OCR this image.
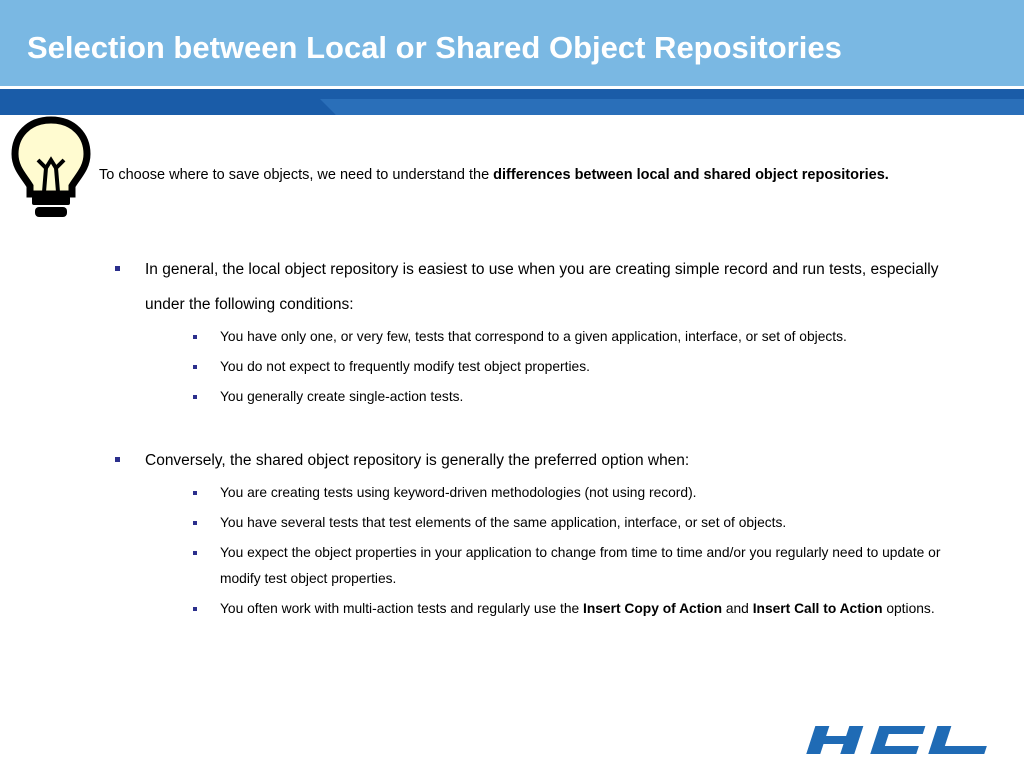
Selection between Local or Shared Object Repositories

To choose where to save objects, we need to understand the differences between local and shared object repositories.

In general, the local object repository is easiest to use when you are creating simple record and run tests, especially under the following conditions:
You have only one, or very few, tests that correspond to a given application, interface, or set of objects.
You do not expect to frequently modify test object properties.
You generally create single-action tests.
Conversely, the shared object repository is generally the preferred option when:
You are creating tests using keyword-driven methodologies (not using record).
You have several tests that test elements of the same application, interface, or set of objects.
You expect the object properties in your application to change from time to time and/or you regularly need to update or modify test object properties.
You often work with multi-action tests and regularly use the Insert Copy of Action and Insert Call to Action options.
